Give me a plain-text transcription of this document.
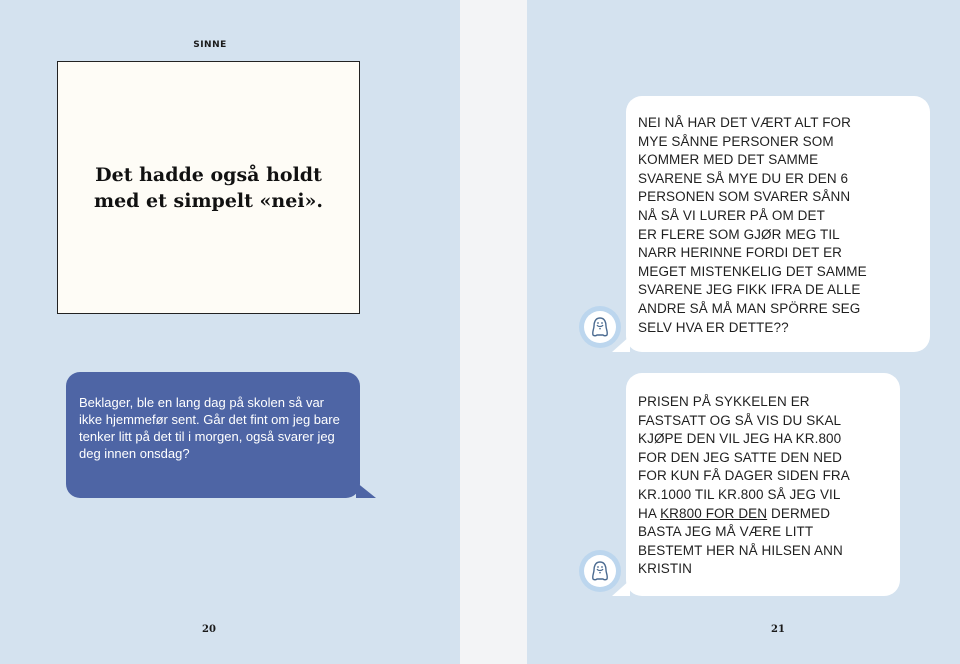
SINNE

Det hadde også holdt med et simpelt «nei».

Beklager, ble en lang dag på skolen så var ikke hjemmefør sent. Går det fint om jeg bare tenker litt på det til i morgen, også svarer jeg deg innen onsdag?
20	21
NEI NÅ HAR DET VÆRT ALT FOR
MYE SÅNNE PERSONER SOM
KOMMER MED DET SAMME
SVARENE SÅ MYE DU ER DEN 6
PERSONEN SOM SVARER SÅNN
NÅ SÅ VI LURER PÅ OM DET
ER FLERE SOM GJØR MEG TIL
NARR HERINNE FORDI DET ER
MEGET MISTENKELIG DET SAMME
SVARENE JEG FIKK IFRA DE ALLE
ANDRE SÅ MÅ MAN SPÖRRE SEG
SELV HVA ER DETTE??
PRISEN PÅ SYKKELEN ER
FASTSATT OG SÅ VIS DU SKAL
KJØPE DEN VIL JEG HA KR.800
FOR DEN JEG SATTE DEN NED
FOR KUN FÅ DAGER SIDEN FRA
KR.1000 TIL KR.800 SÅ JEG VIL
HA KR800 FOR DEN DERMED
BASTA JEG MÅ VÆRE LITT
BESTEMT HER NÅ HILSEN ANN
KRISTIN
